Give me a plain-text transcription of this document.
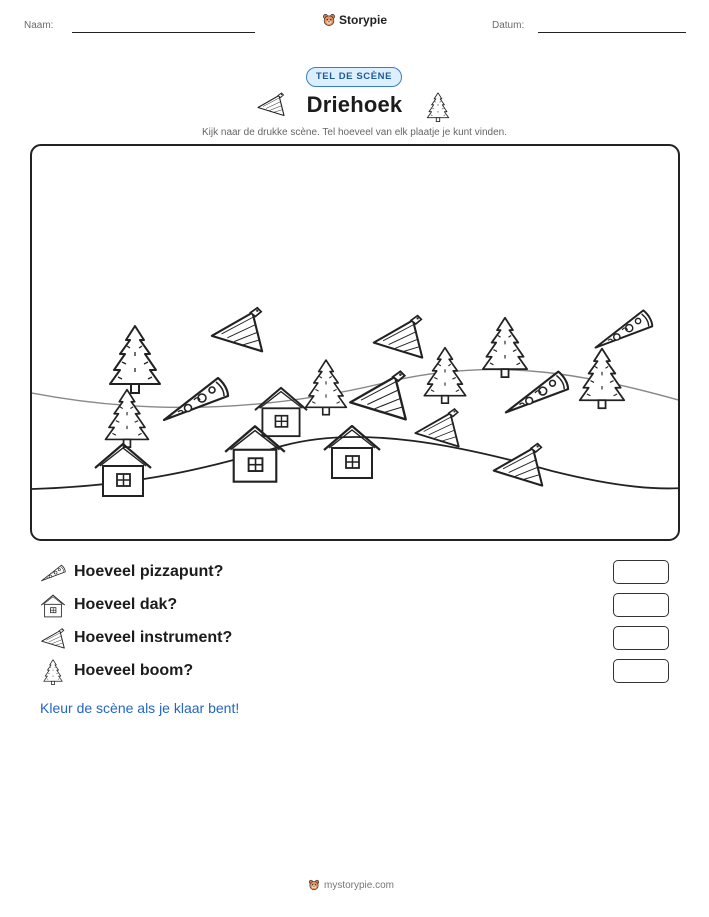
Naam:	Storypie	Datum:
TEL DE SCÈNE
Driehoek
Kijk naar de drukke scène. Tel hoeveel van elk plaatje je kunt vinden.
Hoeveel pizzapunt?
Hoeveel dak?
Hoeveel instrument?
Hoeveel boom?
Kleur de scène als je klaar bent!
mystorypie.com
